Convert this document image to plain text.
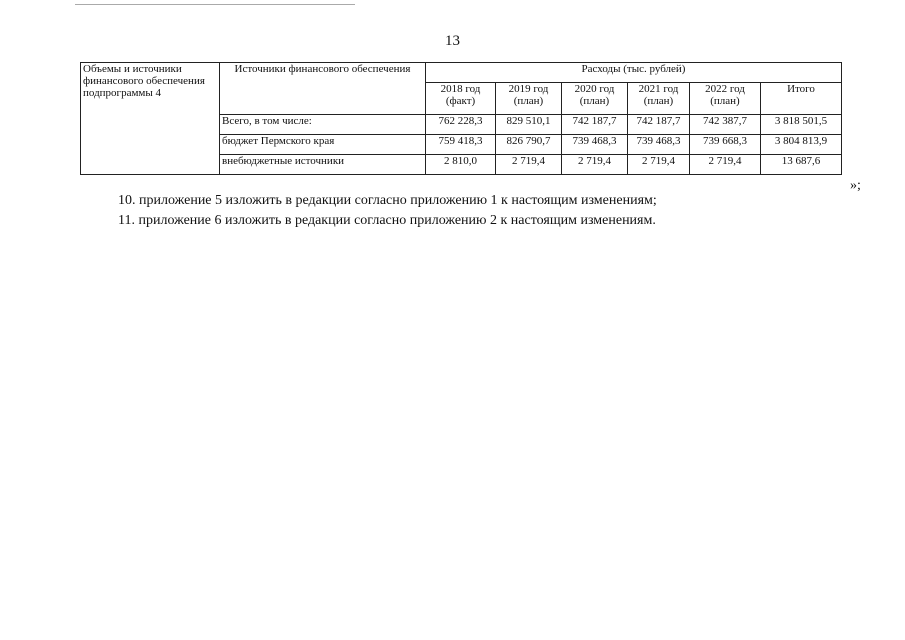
13
Объемы и источники финансового обеспечения подпрограммы 4	Источники финансового обеспечения	Расходы (тыс. рублей)					
		2018 год (факт)	2019 год (план)	2020 год (план)	2021 год (план)	2022 год (план)	Итого
	Всего, в том числе:	762 228,3	829 510,1	742 187,7	742 187,7	742 387,7	3 818 501,5
	бюджет Пермского края	759 418,3	826 790,7	739 468,3	739 468,3	739 668,3	3 804 813,9
	внебюджетные источники	2 810,0	2 719,4	2 719,4	2 719,4	2 719,4	13 687,6
»;
10. приложение 5 изложить в редакции согласно приложению 1 к настоящим изменениям;
11. приложение 6 изложить в редакции согласно приложению 2 к настоящим изменениям.
